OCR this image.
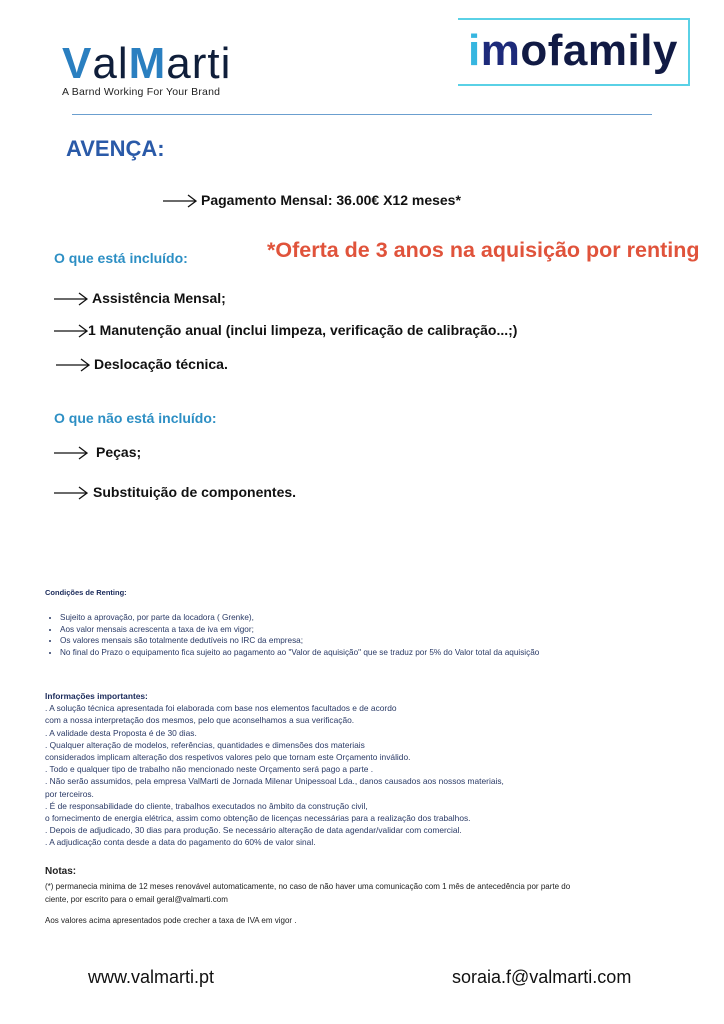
ValMarti
A Barnd Working For Your Brand
imofamily
AVENÇA:
Pagamento Mensal: 36.00€ X12 meses*
*Oferta de 3 anos na aquisição por renting
O que está incluído:
Assistência Mensal;
1 Manutenção anual (inclui limpeza, verificação de calibração...;)
Deslocação técnica.
O que não está incluído:
Peças;
Substituição de componentes.
Condições de Renting:
• Sujeito a aprovação, por parte da locadora ( Grenke),
• Aos valor mensais acrescenta a taxa de iva em vigor;
• Os valores mensais são totalmente dedutíveis no IRC da empresa;
• No final do Prazo o equipamento fica sujeito ao pagamento ao "Valor de aquisição" que se traduz por 5% do Valor total da aquisição
Informações importantes:
. A solução técnica apresentada foi elaborada com base nos elementos facultados e de acordo
com a nossa interpretação dos mesmos, pelo que aconselhamos a sua verificação.
. A validade desta Proposta é de 30 dias.
. Qualquer alteração de modelos, referências, quantidades e dimensões dos materiais
considerados implicam alteração dos respetivos valores pelo que tornam este Orçamento inválido.
. Todo e qualquer tipo de trabalho não mencionado neste Orçamento será pago a parte .
. Não serão assumidos, pela empresa ValMarti de Jornada Milenar Unipessoal Lda., danos causados aos nossos materiais,
por terceiros.
. É de responsabilidade do cliente, trabalhos executados no âmbito da construção civil,
o fornecimento de energia elétrica, assim como obtenção de licenças necessárias para a realização dos trabalhos.
. Depois de adjudicado, 30 dias para produção. Se necessário alteração de data agendar/validar com comercial.
. A adjudicação conta desde a data do pagamento do 60% de valor sinal.
Notas:
(*) permanecia minima de 12 meses renovável automaticamente, no caso de não haver uma comunicação com 1 mês de antecedência por parte do
ciente, por escrito para o email geral@valmarti.com
Aos valores acima apresentados pode crecher a taxa de IVA em vigor .
www.valmarti.pt	soraia.f@valmarti.com
